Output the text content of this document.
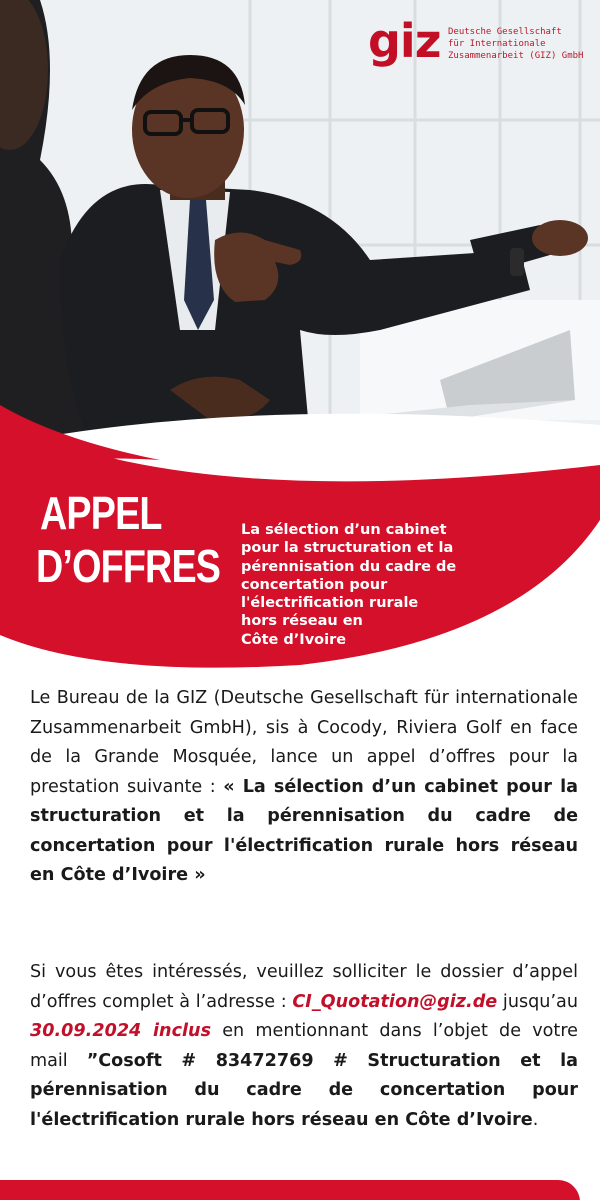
giz Deutsche Gesellschaft
für Internationale
Zusammenarbeit (GIZ) GmbH
APPEL
D’OFFRES
La sélection d’un cabinet
pour la structuration et la
pérennisation du cadre de
concertation pour
l'électrification rurale
hors réseau en
Côte d’Ivoire

Le Bureau de la GIZ (Deutsche Gesellschaft für internationale Zusammenarbeit GmbH), sis à Cocody, Riviera Golf en face de la Grande Mosquée, lance un appel d’offres pour la prestation suivante : « La sélection d’un cabinet pour la structuration et la pérennisation du cadre de concertation pour l'électrification rurale hors réseau en Côte d’Ivoire »

Si vous êtes intéressés, veuillez solliciter le dossier d’appel d’offres complet à l’adresse : CI_Quotation@giz.de jusqu’au 30.09.2024 inclus en mentionnant dans l’objet de votre mail ”Cosoft # 83472769 # Structuration et la pérennisation du cadre de concertation pour l'électrification rurale hors réseau en Côte d’Ivoire.
